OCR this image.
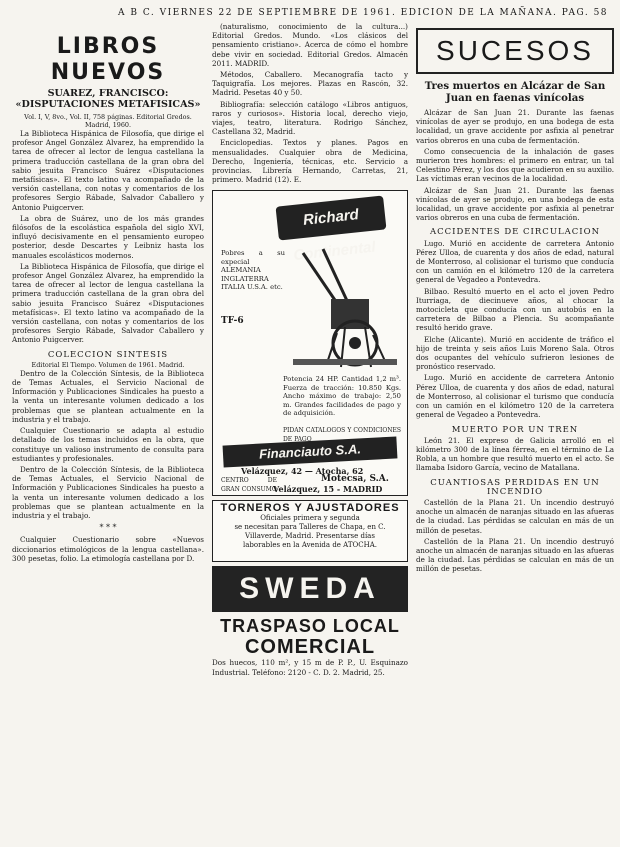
A B C. VIERNES 22 DE SEPTIEMBRE DE 1961. EDICION DE LA MAÑANA. PAG. 58
LIBROS NUEVOS
SUAREZ, FRANCISCO: «DISPUTACIONES METAFISICAS»
Vol. I, V, 8vo., Vol. II, 758 páginas. Editorial Gredos. Madrid, 1960.

La Biblioteca Hispánica de Filosofía, que dirige el profesor Angel González Alvarez, ha emprendido la tarea de ofrecer al lector de lengua castellana la primera traducción castellana de la gran obra del sabio jesuita Francisco Suárez «Disputaciones metafísicas». El texto latino va acompañado de la versión castellana, con notas y comentarios de los profesores Sergio Rábade, Salvador Caballero y Antonio Puigcerver.

La obra de Suárez, uno de los más grandes filósofos de la escolástica española del siglo XVI, influyó decisivamente en el pensamiento europeo posterior, desde Descartes y Leibniz hasta los manuales escolásticos modernos.

La Biblioteca Hispánica de Filosofía, que dirige el profesor Angel González Alvarez, ha emprendido la tarea de ofrecer al lector de lengua castellana la primera traducción castellana de la gran obra del sabio jesuita Francisco Suárez «Disputaciones metafísicas». El texto latino va acompañado de la versión castellana, con notas y comentarios de los profesores Sergio Rábade, Salvador Caballero y Antonio Puigcerver.

COLECCION SINTESIS
Editorial El Tiempo. Volumen de 1961. Madrid.

Dentro de la Colección Síntesis, de la Biblioteca de Temas Actuales, el Servicio Nacional de Información y Publicaciones Sindicales ha puesto a la venta un interesante volumen dedicado a los problemas que se plantean actualmente en la industria y el trabajo.

Cualquier Cuestionario se adapta al estudio detallado de los temas incluidos en la obra, que constituye un valioso instrumento de consulta para estudiantes y profesionales.

Dentro de la Colección Síntesis, de la Biblioteca de Temas Actuales, el Servicio Nacional de Información y Publicaciones Sindicales ha puesto a la venta un interesante volumen dedicado a los problemas que se plantean actualmente en la industria y el trabajo.

* * *

Cualquier Cuestionario sobre «Nuevos diccionarios etimológicos de la lengua castellana». 300 pesetas, folio. La etimología castellana por D.

(naturalismo, conocimiento de la cultura...) Editorial Gredos. Mundo. «Los clásicos del pensamiento cristiano». Acerca de cómo el hombre debe vivir en sociedad. Editorial Gredos. Almacén 2011. MADRID.

Métodos, Caballero. Mecanografía tacto y Taquigrafía. Los mejores. Plazas en Rascón, 32. Madrid. Pesetas 40 y 50.

Bibliografía: selección catálogo «Libros antiguos, raros y curiosos». Historia local, derecho viejo, viajes, teatro, literatura. Rodrigo Sánchez, Castellana 32, Madrid.

Enciclopedias. Textos y planes. Pagos en mensualidades. Cualquier obra de Medicina, Derecho, Ingeniería, técnicas, etc. Servicio a provincias. Librería Hernando, Carretas, 21, primero. Madrid (12). E.

Richard Continental
Pobres a su expecial ALEMANIA INGLATERRA ITALIA U.S.A. etc.
TF-6
Potencia 24 HP. Cantidad 1,2 m³. Fuerza de tracción: 10.850 Kgs. Ancho máximo de trabajo: 2,50 m. Grandes facilidades de pago y de adquisición.
PIDAN CATALOGOS Y CONDICIONES DE PAGO
Financiauto S.A.
Velázquez, 42 — Atocha, 62
CENTRO DE GRAN CONSUMO
Motecsa, S.A.
Velázquez, 15 - MADRID
TORNEROS Y AJUSTADORES
Oficiales primera y segunda
se necesitan para Talleres de Chapa, en C. Villaverde, Madrid. Presentarse días
laborables en la Avenida de ATOCHA.
SWEDA
TRASPASO LOCAL
COMERCIAL

Dos huecos, 110 m², y 15 m de P. P., U. Esquinazo Industrial. Teléfono: 2120 - C. D. 2. Madrid, 25.

SUCESOS
Tres muertos en Alcázar de San Juan en faenas vinícolas

Alcázar de San Juan 21. Durante las faenas vinícolas de ayer se produjo, en una bodega de esta localidad, un grave accidente por asfixia al penetrar varios obreros en una cuba de fermentación.

Como consecuencia de la inhalación de gases murieron tres hombres: el primero en entrar, un tal Celestino Pérez, y los dos que acudieron en su auxilio. Las víctimas eran vecinos de la localidad.

Alcázar de San Juan 21. Durante las faenas vinícolas de ayer se produjo, en una bodega de esta localidad, un grave accidente por asfixia al penetrar varios obreros en una cuba de fermentación.

ACCIDENTES DE CIRCULACION

Lugo. Murió en accidente de carretera Antonio Pérez Ulloa, de cuarenta y dos años de edad, natural de Monterroso, al colisionar el turismo que conducía con un camión en el kilómetro 120 de la carretera general de Vegadeo a Pontevedra.

Bilbao. Resultó muerto en el acto el joven Pedro Iturriaga, de diecinueve años, al chocar la motocicleta que conducía con un autobús en la carretera de Bilbao a Plencia. Su acompañante resultó herido grave.

Elche (Alicante). Murió en accidente de tráfico el hijo de treinta y seis años Luis Moreno Sala. Otros dos ocupantes del vehículo sufrieron lesiones de pronóstico reservado.

Lugo. Murió en accidente de carretera Antonio Pérez Ulloa, de cuarenta y dos años de edad, natural de Monterroso, al colisionar el turismo que conducía con un camión en el kilómetro 120 de la carretera general de Vegadeo a Pontevedra.

MUERTO POR UN TREN

León 21. El expreso de Galicia arrolló en el kilómetro 300 de la línea férrea, en el término de La Robla, a un hombre que resultó muerto en el acto. Se llamaba Isidoro García, vecino de Matallana.

CUANTIOSAS PERDIDAS EN UN INCENDIO

Castellón de la Plana 21. Un incendio destruyó anoche un almacén de naranjas situado en las afueras de la ciudad. Las pérdidas se calculan en más de un millón de pesetas.

Castellón de la Plana 21. Un incendio destruyó anoche un almacén de naranjas situado en las afueras de la ciudad. Las pérdidas se calculan en más de un millón de pesetas.
